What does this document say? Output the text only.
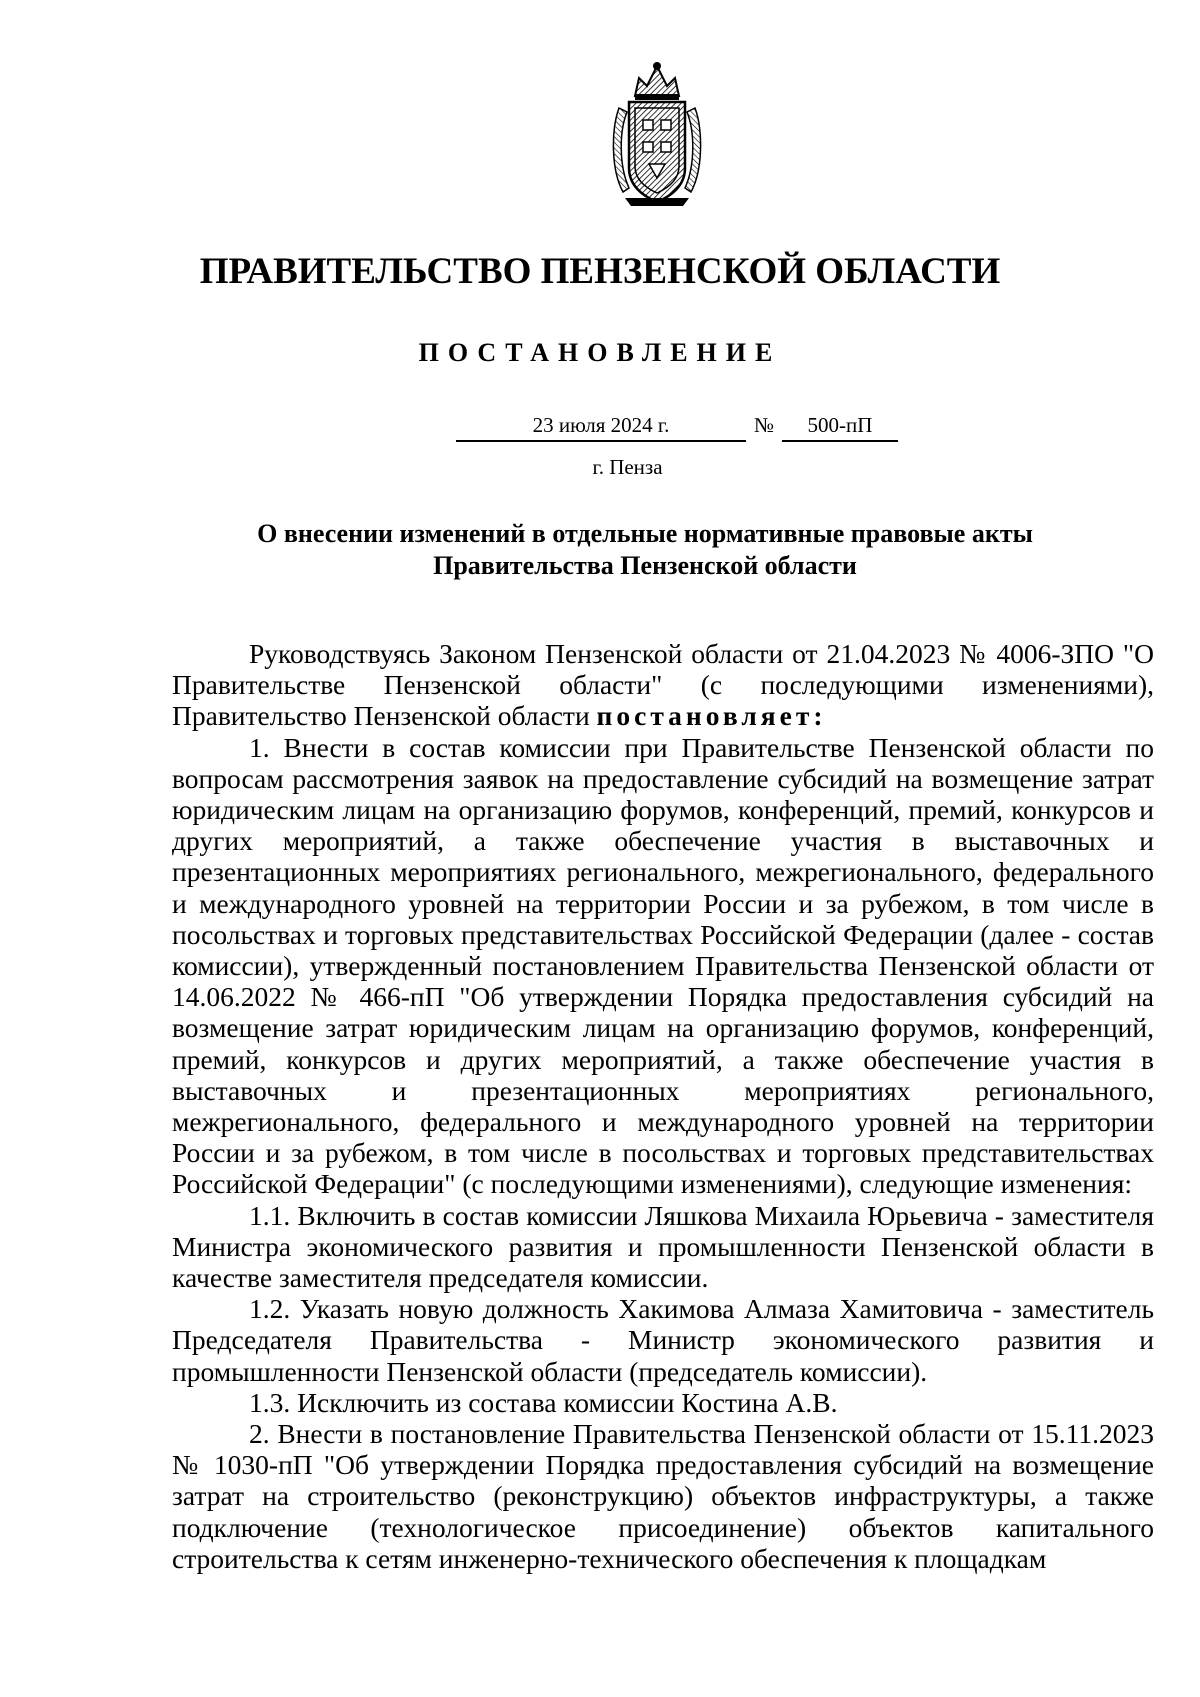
ПРАВИТЕЛЬСТВО ПЕНЗЕНСКОЙ ОБЛАСТИ
ПОСТАНОВЛЕНИЕ
23 июля 2024 г.	№	500-пП
г. Пенза
О внесении изменений в отдельные нормативные правовые акты
Правительства Пензенской области

Руководствуясь Законом Пензенской области от 21.04.2023 № 4006-ЗПО "О Правительстве Пензенской области" (с последующими изменениями), Правительство Пензенской области постановляет:

1. Внести в состав комиссии при Правительстве Пензенской области по вопросам рассмотрения заявок на предоставление субсидий на возмещение затрат юридическим лицам на организацию форумов, конференций, премий, конкурсов и других мероприятий, а также обеспечение участия в выставочных и презентационных мероприятиях регионального, межрегионального, федерального и международного уровней на территории России и за рубежом, в том числе в посольствах и торговых представительствах Российской Федерации (далее - состав комиссии), утвержденный постановлением Правительства Пензенской области от 14.06.2022 № 466-пП "Об утверждении Порядка предоставления субсидий на возмещение затрат юридическим лицам на организацию форумов, конференций, премий, конкурсов и других мероприятий, а также обеспечение участия в выставочных и презентационных мероприятиях регионального, межрегионального, федерального и международного уровней на территории России и за рубежом, в том числе в посольствах и торговых представительствах Российской Федерации" (с последующими изменениями), следующие изменения:

1.1. Включить в состав комиссии Ляшкова Михаила Юрьевича - заместителя Министра экономического развития и промышленности Пензенской области в качестве заместителя председателя комиссии.

1.2. Указать новую должность Хакимова Алмаза Хамитовича - заместитель Председателя Правительства - Министр экономического развития и промышленности Пензенской области (председатель комиссии).

1.3. Исключить из состава комиссии Костина А.В.

2. Внести в постановление Правительства Пензенской области от 15.11.2023 № 1030-пП "Об утверждении Порядка предоставления субсидий на возмещение затрат на строительство (реконструкцию) объектов инфраструктуры, а также подключение (технологическое присоединение) объектов капитального строительства к сетям инженерно-технического обеспечения к площадкам
